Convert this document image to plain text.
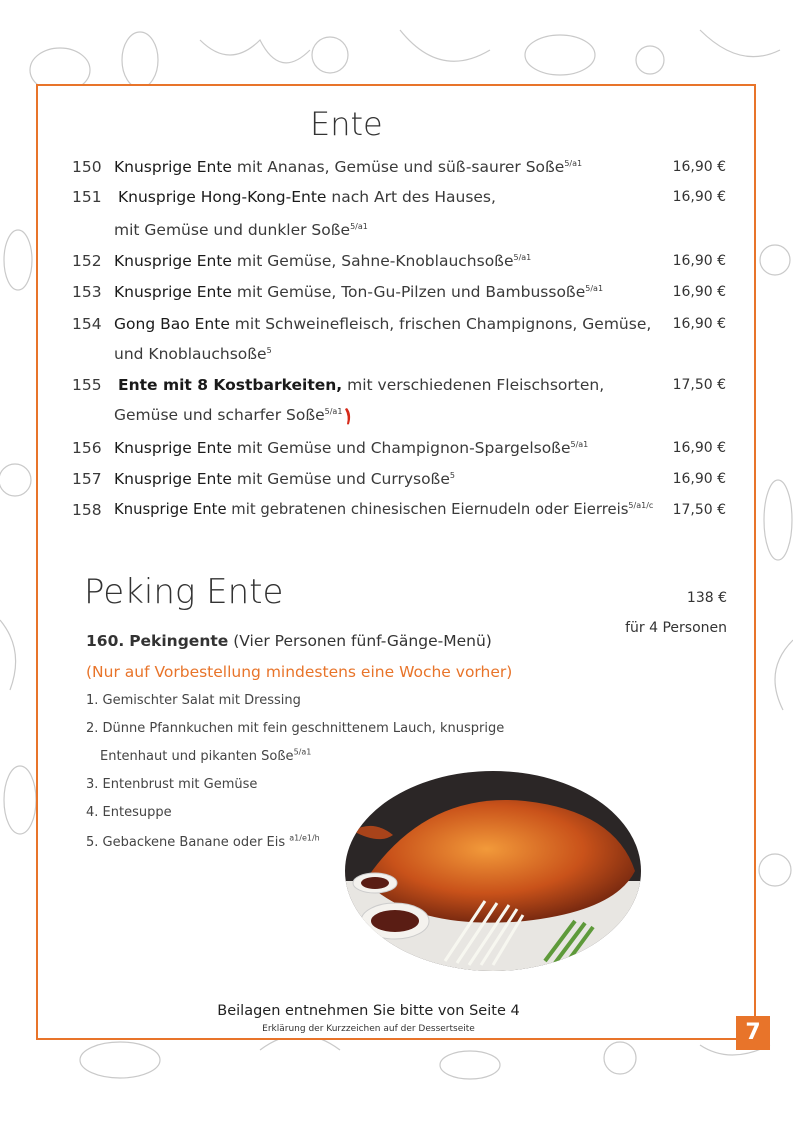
Ente
150 Knusprige Ente mit Ananas, Gemüse und süß-saurer Soße$^{5/a1}$	16,90 €
151	Knusprige Hong-Kong-Ente nach Art des Hauses,	16,90 €
mit Gemüse und dunkler Soße$^{5/a1}$
152 Knusprige Ente mit Gemüse, Sahne-Knoblauchsoße$^{5/a1}$	16,90 €
153 Knusprige Ente mit Gemüse, Ton-Gu-Pilzen und Bambussoße$^{5/a1}$	16,90 €
154 Gong Bao Ente mit Schweinefleisch, frischen Champignons, Gemüse, 16,90 €
und Knoblauchsoße$^5$
155	Ente mit 8 Kostbarkeiten, mit verschiedenen Fleischsorten,	17,50 €
Gemüse und scharfer Soße$^{5/a1}$
156 Knusprige Ente mit Gemüse und Champignon-Spargelsoße$^{5/a1}$	16,90 €
157 Knusprige Ente mit Gemüse und Currysoße$^5$	16,90 €
158 Knusprige Ente mit gebratenen chinesischen Eiernudeln oder Eierreis$^{5/a1/c}$	17,50 €
Peking Ente	138 €
für 4 Personen
160. Pekingente (Vier Personen fünf-Gänge-Menü)
(Nur auf Vorbestellung mindestens eine Woche vorher)
1. Gemischter Salat mit Dressing
2. Dünne Pfannkuchen mit fein geschnittenem Lauch, knusprige
Entenhaut und pikanten Soße$^{5/a1}$
3. Entenbrust mit Gemüse
4. Entesuppe
5. Gebackene Banane oder Eis $^{a1/e1/h}$
Beilagen entnehmen Sie bitte von Seite 4
Erklärung der Kurzzeichen auf der Dessertseite	7
